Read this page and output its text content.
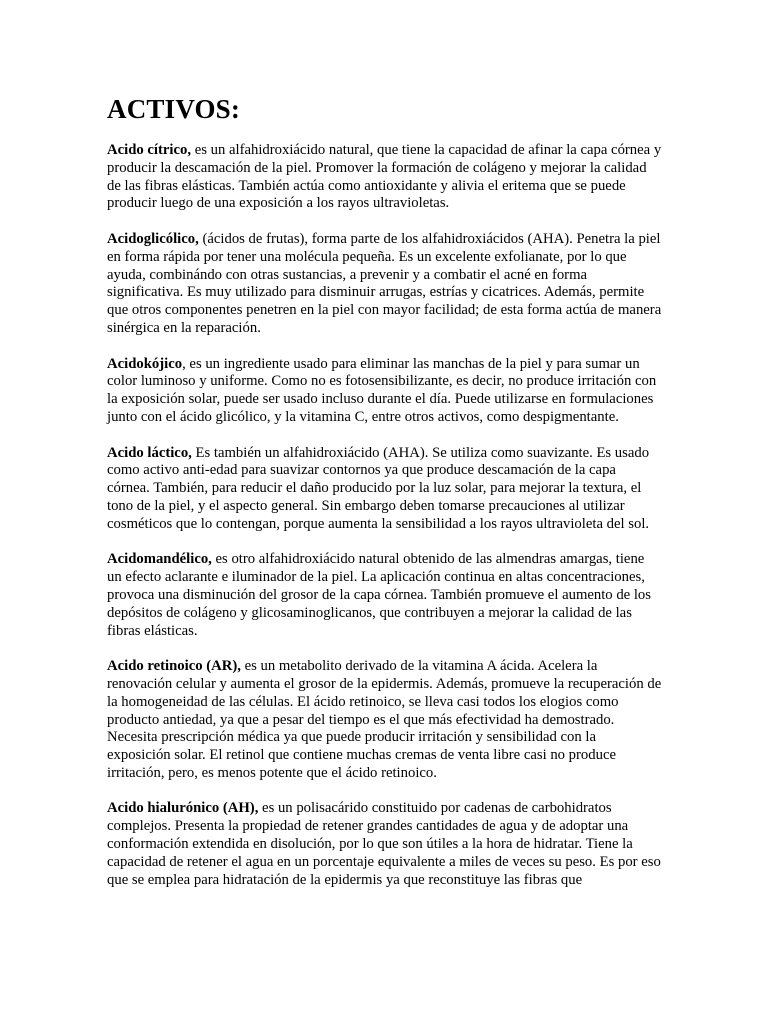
ACTIVOS:

Acido cítrico, es un alfahidroxiácido natural, que tiene la capacidad de afinar la capa córnea y producir la descamación de la piel. Promover la formación de colágeno y mejorar la calidad de las fibras elásticas. También actúa como antioxidante y alivia el eritema que se puede producir luego de una exposición a los rayos ultravioletas.

Acidoglicólico, (ácidos de frutas), forma parte de los alfahidroxiácidos (AHA). Penetra la piel en forma rápida por tener una molécula pequeña. Es un excelente exfolianate, por lo que ayuda, combinándo con otras sustancias, a prevenir y a combatir el acné en forma significativa. Es muy utilizado para disminuir arrugas, estrías y cicatrices. Además, permite que otros componentes penetren en la piel con mayor facilidad; de esta forma actúa de manera sinérgica en la reparación.

Acidokójico, es un ingrediente usado para eliminar las manchas de la piel y para sumar un color luminoso y uniforme. Como no es fotosensibilizante, es decir, no produce irritación con la exposición solar, puede ser usado incluso durante el día. Puede utilizarse en formulaciones junto con el ácido glicólico, y la vitamina C, entre otros activos, como despigmentante.

Acido láctico, Es también un alfahidroxiácido (AHA). Se utiliza como suavizante. Es usado como activo anti-edad para suavizar contornos ya que produce descamación de la capa córnea. También, para reducir el daño producido por la luz solar, para mejorar la textura, el tono de la piel, y el aspecto general. Sin embargo deben tomarse precauciones al utilizar cosméticos que lo contengan, porque aumenta la sensibilidad a los rayos ultravioleta del sol.

Acidomandélico, es otro alfahidroxiácido natural obtenido de las almendras amargas, tiene un efecto aclarante e iluminador de la piel. La aplicación continua en altas concentraciones, provoca una disminución del grosor de la capa córnea. También promueve el aumento de los depósitos de colágeno y glicosaminoglicanos, que contribuyen a mejorar la calidad de las fibras elásticas.

Acido retinoico (AR), es un metabolito derivado de la vitamina A ácida. Acelera la renovación celular y aumenta el grosor de la epidermis. Además, promueve la recuperación de la homogeneidad de las células. El ácido retinoico, se lleva casi todos los elogios como producto antiedad, ya que a pesar del tiempo es el que más efectividad ha demostrado. Necesita prescripción médica ya que puede producir irritación y sensibilidad con la exposición solar. El retinol que contiene muchas cremas de venta libre casi no produce irritación, pero, es menos potente que el ácido retinoico.

Acido hialurónico (AH), es un polisacárido constituido por cadenas de carbohidratos complejos. Presenta la propiedad de retener grandes cantidades de agua y de adoptar una conformación extendida en disolución, por lo que son útiles a la hora de hidratar. Tiene la capacidad de retener el agua en un porcentaje equivalente a miles de veces su peso. Es por eso que se emplea para hidratación de la epidermis ya que reconstituye las fibras que
